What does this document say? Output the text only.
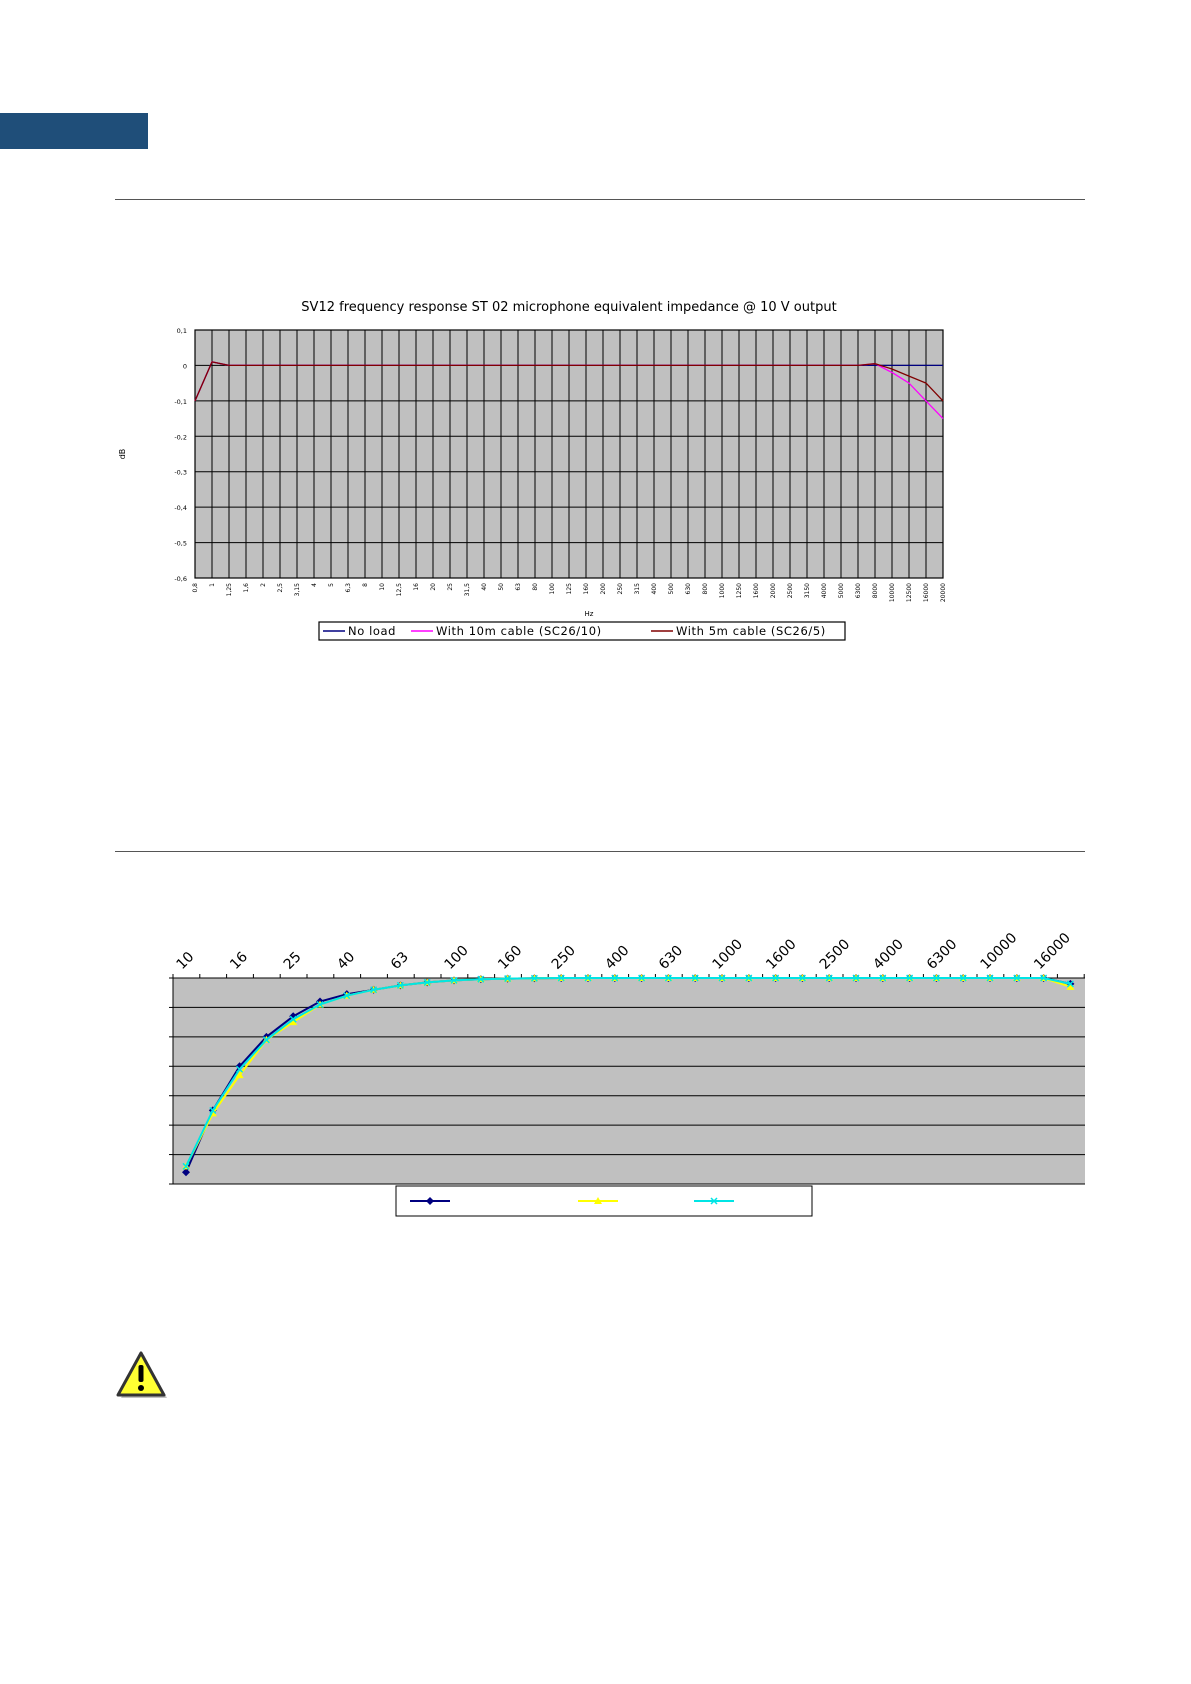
SV12 frequency response ST 02 microphone equivalent impedance @ 10 V output
0,1
0
-0,1
-0,2
-0,3
-0,4
-0,5
-0,6
dB
0,8 1 1,25 1,6 2 2,5 3,15 4 5 6,3 8 10 12,5 16 20 25 31,5 40 50 63 80 100 125 160 200 250 315 400 500 630 800 1000 1250 1600 2000 2500 3150 4000 5000 6300 8000 10000 12500 16000 20000
Hz
No load	With 10m cable (SC26/10)	With 5m cable (SC26/5)
10 16 25 40 63 100 160 250 400 630 1000 1600 2500 4000 6300 10000 16000
